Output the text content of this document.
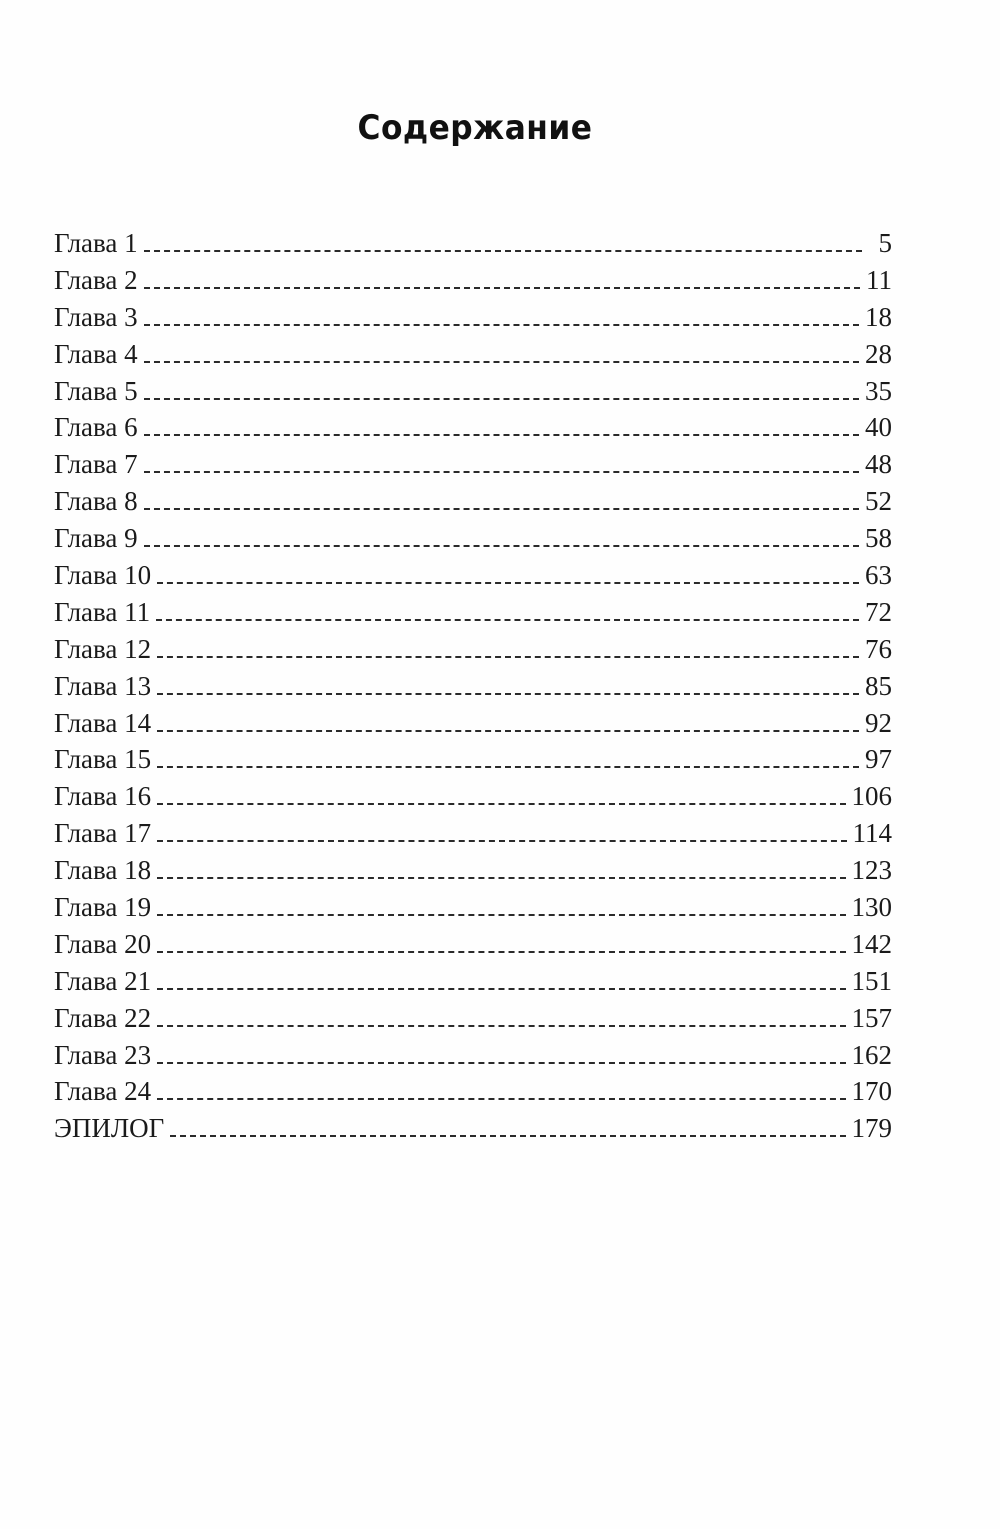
Содержание
Глава 1	5
Глава 2	11
Глава 3	18
Глава 4	28
Глава 5	35
Глава 6	40
Глава 7	48
Глава 8	52
Глава 9	58
Глава 10	63
Глава 11	72
Глава 12	76
Глава 13	85
Глава 14	92
Глава 15	97
Глава 16	106
Глава 17	114
Глава 18	123
Глава 19	130
Глава 20	142
Глава 21	151
Глава 22	157
Глава 23	162
Глава 24	170
ЭПИЛОГ	179
